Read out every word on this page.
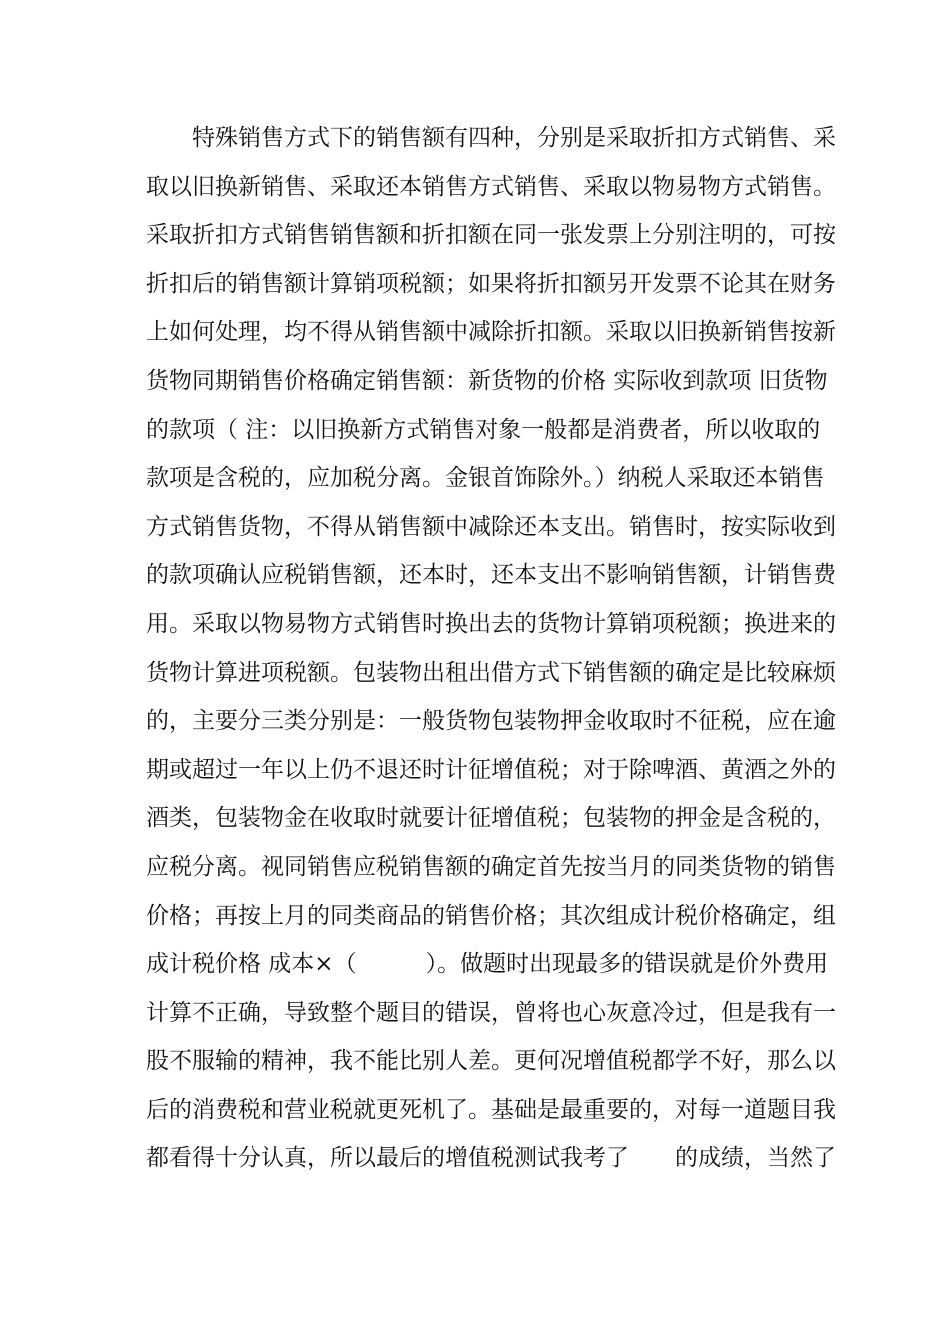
　　特殊销售方式下的销售额有四种，分别是采取折扣方式销售、采
取以旧换新销售、采取还本销售方式销售、采取以物易物方式销售。
采取折扣方式销售销售额和折扣额在同一张发票上分别注明的，可按
折扣后的销售额计算销项税额；如果将折扣额另开发票不论其在财务
上如何处理，均不得从销售额中减除折扣额。采取以旧换新销售按新
货物同期销售价格确定销售额：新货物的价格 实际收到款项 旧货物
的款项（ 注：以旧换新方式销售对象一般都是消费者，所以收取的
款项是含税的，应加税分离。金银首饰除外。）纳税人采取还本销售
方式销售货物，不得从销售额中减除还本支出。销售时，按实际收到
的款项确认应税销售额，还本时，还本支出不影响销售额，计销售费
用。采取以物易物方式销售时换出去的货物计算销项税额；换进来的
货物计算进项税额。包装物出租出借方式下销售额的确定是比较麻烦
的，主要分三类分别是：一般货物包装物押金收取时不征税，应在逾
期或超过一年以上仍不退还时计征增值税；对于除啤酒、黄酒之外的
酒类，包装物金在收取时就要计征增值税；包装物的押金是含税的，
应税分离。视同销售应税销售额的确定首先按当月的同类货物的销售
价格；再按上月的同类商品的销售价格；其次组成计税价格确定，组
成计税价格 成本×（　　　）。做题时出现最多的错误就是价外费用
计算不正确，导致整个题目的错误，曾将也心灰意冷过，但是我有一
股不服输的精神，我不能比别人差。更何况增值税都学不好，那么以
后的消费税和营业税就更死机了。基础是最重要的，对每一道题目我
都看得十分认真，所以最后的增值税测试我考了　　的成绩，当然了
